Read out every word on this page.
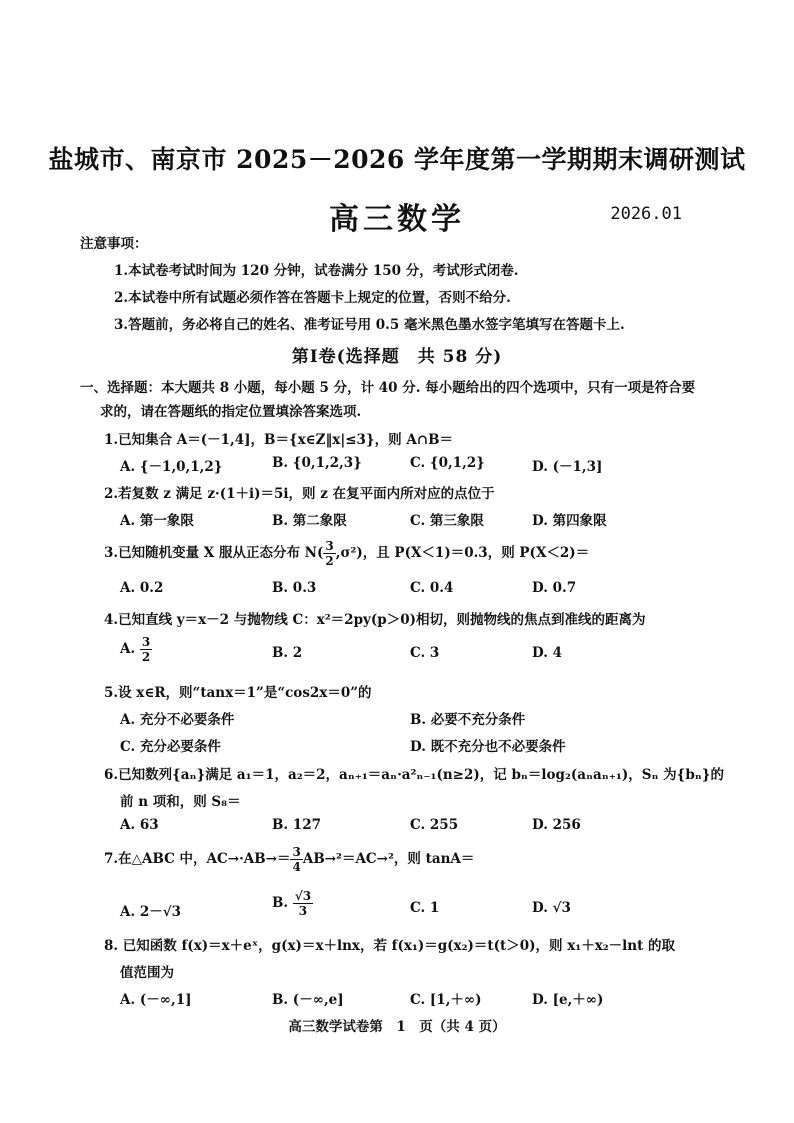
盐城市、南京市 2025－2026 学年度第一学期期末调研测试
高三数学	2026.01
注意事项：
1.本试卷考试时间为 120 分钟，试卷满分 150 分，考试形式闭卷.
2.本试卷中所有试题必须作答在答题卡上规定的位置，否则不给分.
3.答题前，务必将自己的姓名、准考证号用 0.5 毫米黑色墨水签字笔填写在答题卡上.
第Ⅰ卷(选择题　共 58 分)
一、选择题：本大题共 8 小题，每小题 5 分，计 40 分. 每小题给出的四个选项中，只有一项是符合要
求的，请在答题纸的指定位置填涂答案选项.
1.已知集合 A＝(－1,4]，B＝{x∈Z‖x|≤3}，则 A∩B＝
A. {－1,0,1,2}	B. {0,1,2,3}	C. {0,1,2}	D. (－1,3]
2.若复数 z 满足 z·(1＋i)＝5i，则 z 在复平面内所对应的点位于
A. 第一象限	B. 第二象限	C. 第三象限	D. 第四象限
3.已知随机变量 X 服从正态分布 $N( \frac{3}{2} ,\sigma^2)$，且 P(X＜1)＝0.3，则 P(X＜2)＝
A. 0.2	B. 0.3	C. 0.4	D. 0.7
4.已知直线 y＝x－2 与抛物线 C：x²＝2py(p＞0)相切，则抛物线的焦点到准线的距离为
A. $\frac{3}{2}$	B. 2	C. 3	D. 4
5.设 x∈R，则“tanx＝1”是“cos2x＝0”的
A. 充分不必要条件	B. 必要不充分条件
C. 充分必要条件	D. 既不充分也不必要条件
6.已知数列{aₙ}满足 a₁＝1，a₂＝2，aₙ₊₁＝aₙ·a²ₙ₋₁(n≥2)，记 bₙ＝log₂(aₙaₙ₊₁)，Sₙ 为{bₙ}的
前 n 项和，则 S₈＝
A. 63	B. 127	C. 255	D. 256
7.在△ABC 中，$AC\to\cdot AB\to= \frac{3}{4} AB\to^2=AC\to^2$，则 tanA＝
A. 2－√3
B. $\frac{√3}{3}$	C. 1	D. √3
8. 已知函数 f(x)＝x＋eˣ，g(x)＝x＋lnx，若 f(x₁)＝g(x₂)＝t(t＞0)，则 x₁＋x₂－lnt 的取
值范围为
A. (－∞,1]	B. (－∞,e]	C. [1,＋∞)	D. [e,＋∞)
高三数学试卷第　1　页（共 4 页）
